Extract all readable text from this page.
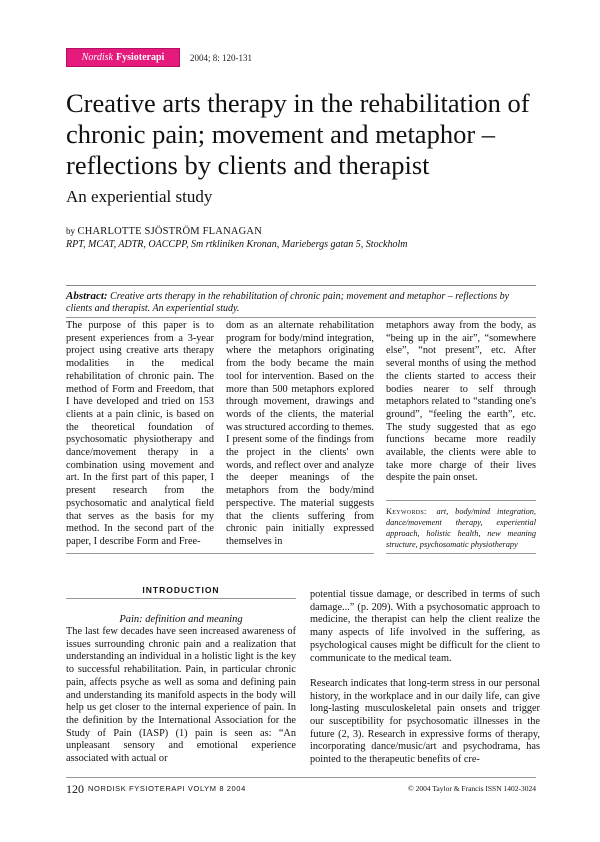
Nordisk Fysioterapi	2004; 8: 120-131
Creative arts therapy in the rehabilitation of chronic pain; movement and metaphor – reflections by clients and therapist
An experiential study
by CHARLOTTE SJÖSTRÖM FLANAGAN
RPT, MCAT, ADTR, OACCPP, Sm rtkliniken Kronan, Mariebergs gatan 5, Stockholm
Abstract: Creative arts therapy in the rehabilitation of chronic pain; movement and metaphor – reflections by clients and therapist. An experiential study.
The purpose of this paper is to present experiences from a 3-year project using creative arts therapy modalities in the medical rehabilitation of chronic pain. The method of Form and Freedom, that I have developed and tried on 153 clients at a pain clinic, is based on the theoretical foundation of psychosomatic physiotherapy and dance/movement therapy in a combination using movement and art. In the first part of this paper, I present research from the psychosomatic and analytical field that serves as the basis for my method. In the second part of the paper, I describe Form and Free-
dom as an alternate rehabilitation program for body/mind integration, where the metaphors originating from the body became the main tool for intervention. Based on the more than 500 metaphors explored through movement, drawings and words of the clients, the material was structured according to themes. I present some of the findings from the project in the clients' own words, and reflect over and analyze the deeper meanings of the metaphors from the body/mind perspective. The material suggests that the clients suffering from chronic pain initially expressed themselves in
metaphors away from the body, as “being up in the air”, “somewhere else”, “not present”, etc. After several months of using the method the clients started to access their bodies nearer to self through metaphors related to “standing one's ground”, “feeling the earth”, etc. The study suggested that as ego functions became more readily available, the clients were able to take more charge of their lives despite the pain onset.
Keywords: art, body/mind integration, dance/movement therapy, experiential approach, holistic health, new meaning structure, psychosomatic physiotherapy
INTRODUCTION
Pain: definition and meaning
The last few decades have seen increased awareness of issues surrounding chronic pain and a realization that understanding an individual in a holistic light is the key to successful rehabilitation. Pain, in particular chronic pain, affects psyche as well as soma and defining pain and understanding its manifold aspects in the body will help us get closer to the internal experience of pain. In the definition by the International Association for the Study of Pain (IASP) (1) pain is seen as: “An unpleasant sensory and emotional experience associated with actual or

potential tissue damage, or described in terms of such damage...” (p. 209). With a psychosomatic approach to medicine, the therapist can help the client realize the many aspects of life involved in the suffering, as psychological causes might be difficult for the client to communicate to the medical team.

Research indicates that long-term stress in our personal history, in the workplace and in our daily life, can give long-lasting musculoskeletal pain onsets and trigger our susceptibility for psychosomatic illnesses in the future (2, 3). Research in expressive forms of therapy, incorporating dance/music/art and psychodrama, has pointed to the therapeutic benefits of cre-

120 NORDISK FYSIOTERAPI VOLYM 8 2004	© 2004 Taylor & Francis ISSN 1402-3024
